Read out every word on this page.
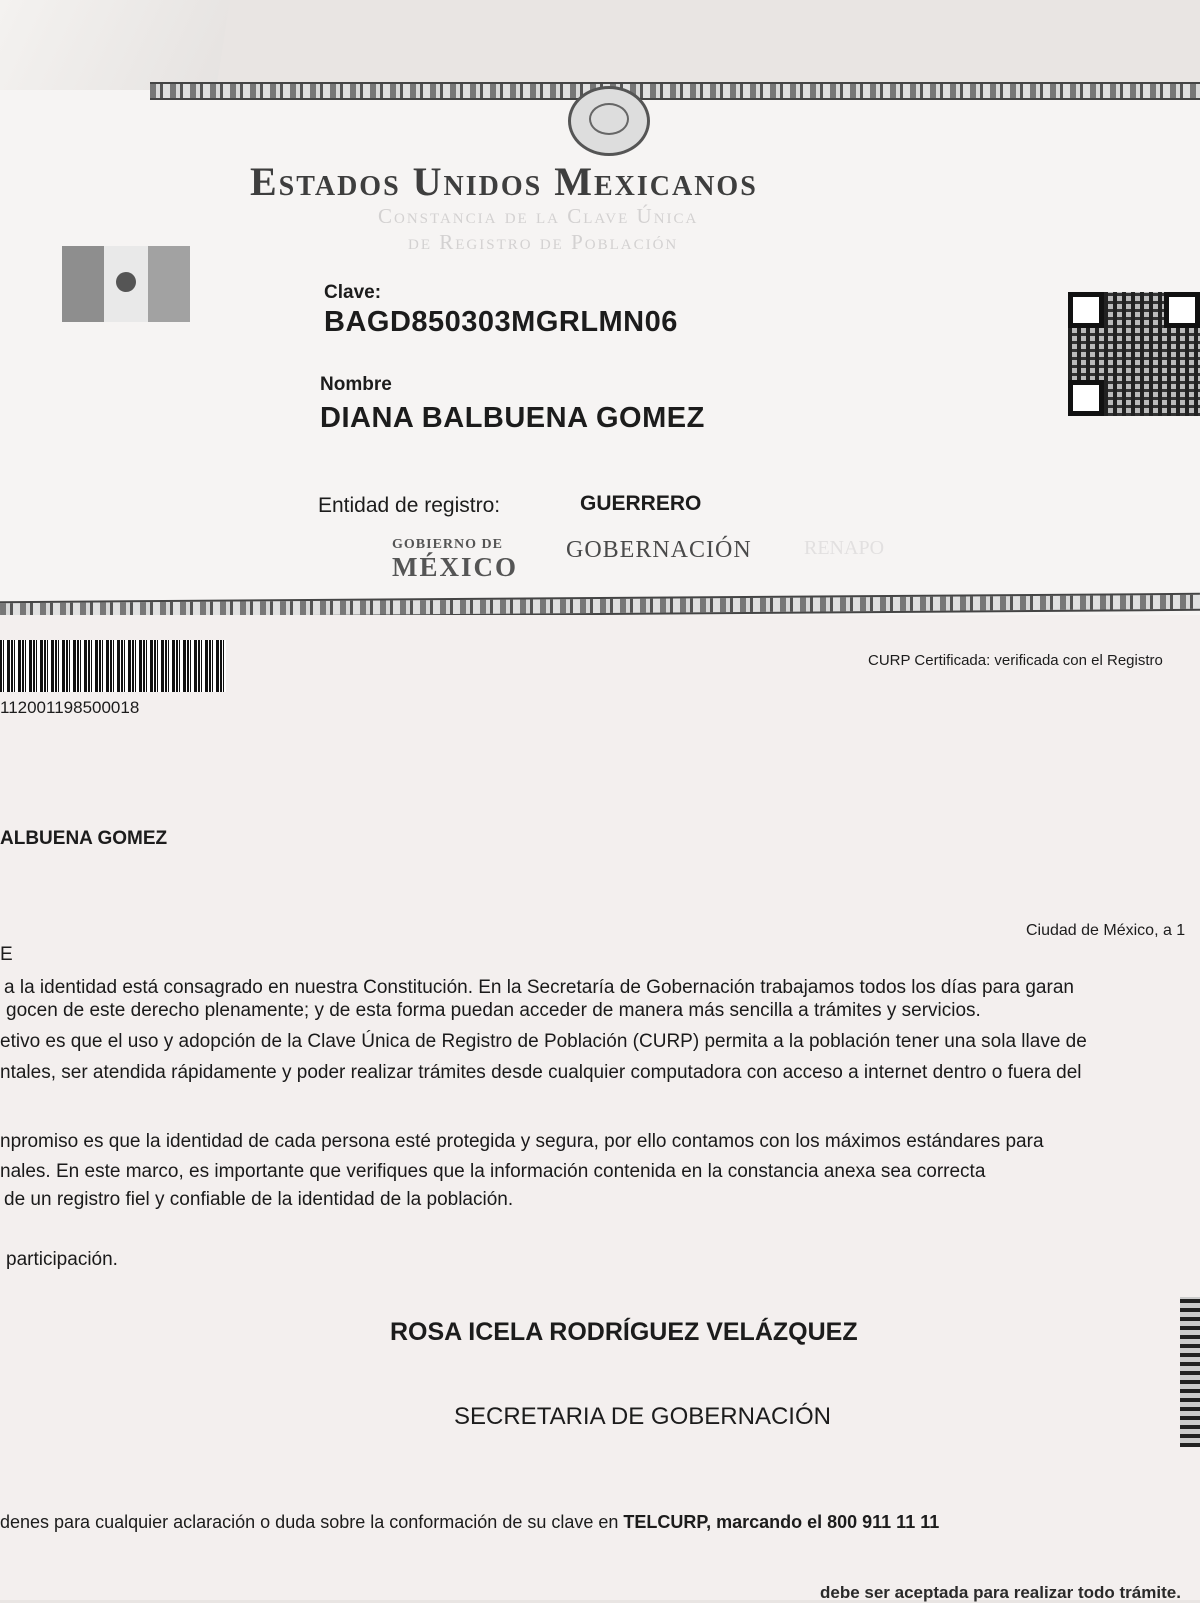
Estados Unidos Mexicanos
Constancia de la Clave Única
de Registro de Población
Clave:
BAGD850303MGRLMN06
Nombre
DIANA BALBUENA GOMEZ
Entidad de registro:	GUERRERO
GOBIERNO DE
MÉXICO
GOBERNACIÓN	RENAPO
112001198500018
CURP Certificada: verificada con el Registro
ALBUENA GOMEZ
E
Ciudad de México, a 1
a la identidad está consagrado en nuestra Constitución. En la Secretaría de Gobernación trabajamos todos los días para garan
gocen de este derecho plenamente; y de esta forma puedan acceder de manera más sencilla a trámites y servicios.
etivo es que el uso y adopción de la Clave Única de Registro de Población (CURP) permita a la población tener una sola llave de
ntales, ser atendida rápidamente y poder realizar trámites desde cualquier computadora con acceso a internet dentro o fuera del
npromiso es que la identidad de cada persona esté protegida y segura, por ello contamos con los máximos estándares para
nales. En este marco, es importante que verifiques que la información contenida en la constancia anexa sea correcta
de un registro fiel y confiable de la identidad de la población.
participación.
ROSA ICELA RODRÍGUEZ VELÁZQUEZ
SECRETARIA DE GOBERNACIÓN
denes para cualquier aclaración o duda sobre la conformación de su clave en TELCURP, marcando el 800 911 11 11
debe ser aceptada para realizar todo trámite.
